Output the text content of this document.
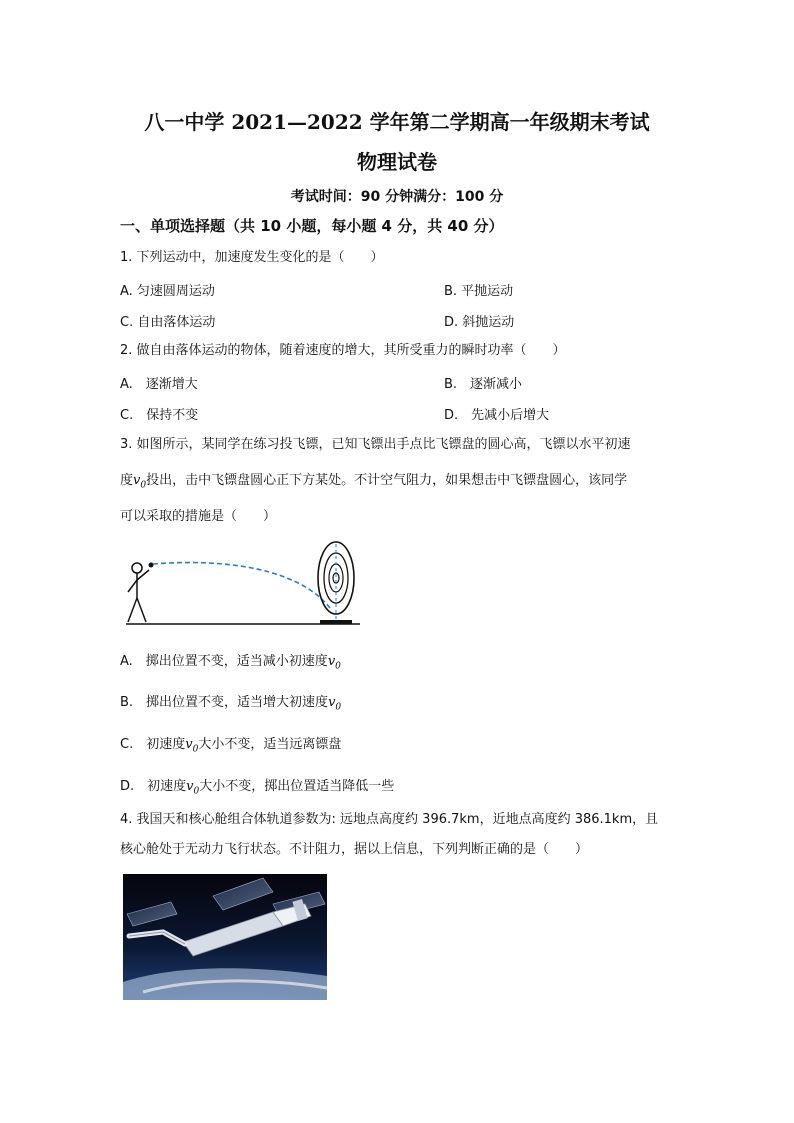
八一中学 2021—2022 学年第二学期高一年级期末考试
物理试卷
考试时间：90 分钟满分：100 分
一、单项选择题（共 10 小题，每小题 4 分，共 40 分）
1. 下列运动中，加速度发生变化的是（　　）
A. 匀速圆周运动	B. 平抛运动
C. 自由落体运动	D. 斜抛运动
2. 做自由落体运动的物体，随着速度的增大，其所受重力的瞬时功率（　　）
A.　逐渐增大	B.　逐渐减小
C.　保持不变	D.　先减小后增大
3. 如图所示，某同学在练习投飞镖，已知飞镖出手点比飞镖盘的圆心高，飞镖以水平初速
度$v_0$投出，击中飞镖盘圆心正下方某处。不计空气阻力，如果想击中飞镖盘圆心，该同学
可以采取的措施是（　　）
A.　掷出位置不变，适当减小初速度$v_0$
B.　掷出位置不变，适当增大初速度$v_0$
C.　初速度$v_0$大小不变，适当远离镖盘
D.　初速度$v_0$大小不变，掷出位置适当降低一些
4. 我国天和核心舱组合体轨道参数为: 远地点高度约 396.7km，近地点高度约 386.1km，且
核心舱处于无动力飞行状态。不计阻力，据以上信息，下列判断正确的是（　　）
